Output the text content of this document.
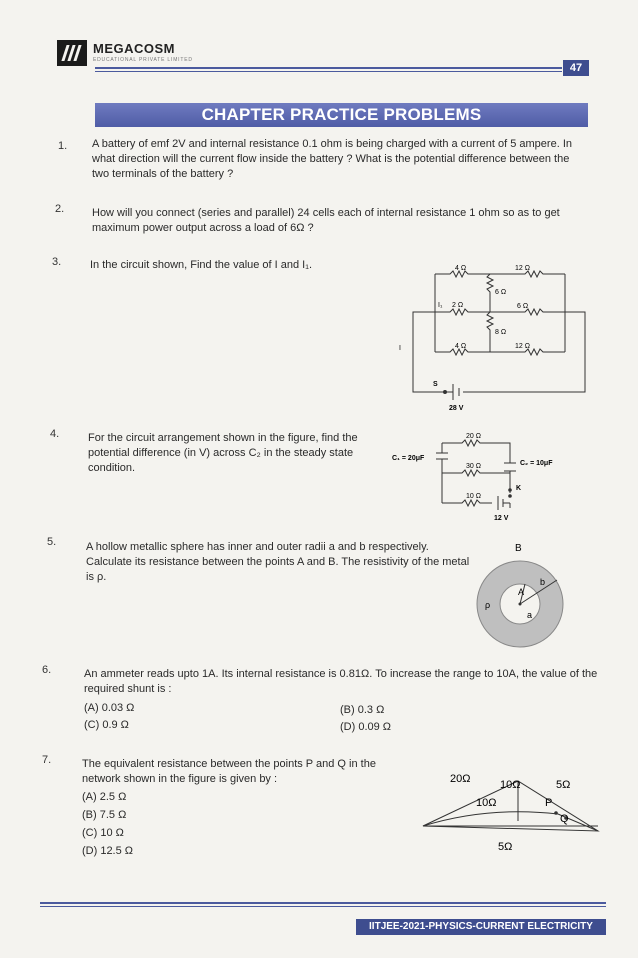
MEGACOSM
EDUCATIONAL PRIVATE LIMITED
47
CHAPTER PRACTICE PROBLEMS
1. A battery of emf 2V and internal resistance 0.1 ohm is being charged with a current of 5 ampere. In what direction will the current flow inside the battery ? What is the potential difference between the two terminals of the battery ?
2.	How will you connect (series and parallel) 24 cells each of internal resistance 1 ohm so as to get maximum power output across a load of 6Ω ?
3.	In the circuit shown, Find the value of I and I₁.	4 Ω	12 Ω
6 Ω
2 Ω	6 Ω
8 Ω
4 Ω	12 Ω
I₁
I
S
28 V
4.	For the circuit arrangement shown in the figure, find the potential difference (in V) across C₂ in the steady state condition.
20 Ω
30 Ω
10 Ω
C₁ = 20μF
C₂ = 10μF
K
12 V
5.	A hollow metallic sphere has inner and outer radii a and b respectively. Calculate its resistance between the points A and B. The resistivity of the metal is ρ.
B
ρ
A
b
a
6.	An ammeter reads upto 1A. Its internal resistance is 0.81Ω. To increase the range to 10A, the value of the required shunt is :
(A) 0.03 Ω	(B) 0.3 Ω
(C) 0.9 Ω	(D) 0.09 Ω
7.	The equivalent resistance between the points P and Q in the network shown in the figure is given by :
(A) 2.5 Ω
(B) 7.5 Ω
(C) 10 Ω
(D) 12.5 Ω
20Ω	10Ω	5Ω
10Ω
5Ω
P
Q
IITJEE-2021-PHYSICS-CURRENT ELECTRICITY
